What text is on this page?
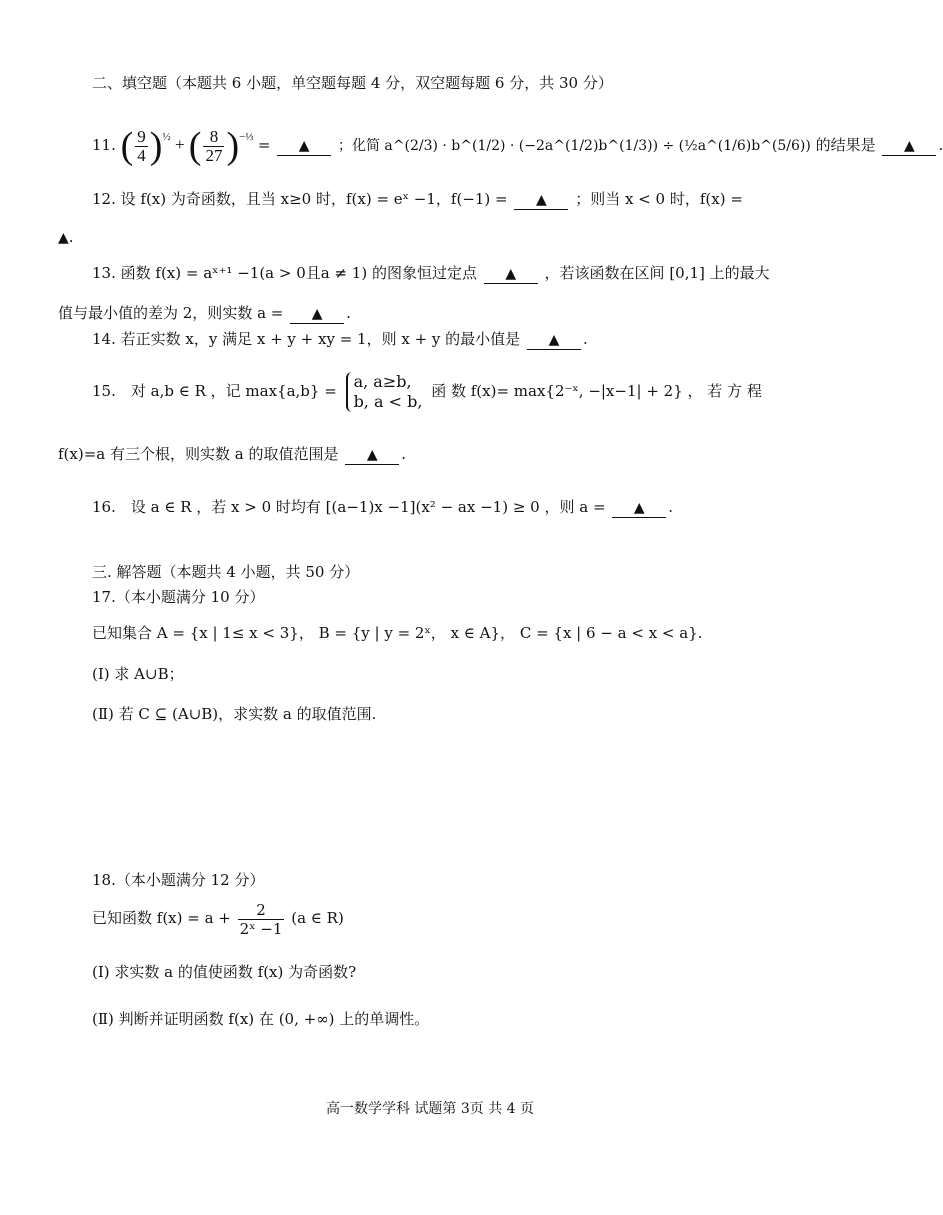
二、填空题（本题共 6 小题，单空题每题 4 分，双空题每题 6 分，共 30 分）
11. ( $\frac{9}{4} )^{\frac{1}{2}}$ + ( $\frac{8}{27} )^{-\frac{1}{3}}$ = ▲ ；化简 a^(2/3) · b^(1/2) · (−2a^(1/2)b^(1/3)) ÷ (½a^(1/6)b^(5/6)) 的结果是 ▲ .
12. 设 f(x) 为奇函数，且当 x≥0 时，f(x) = eˣ −1，f(−1) = ▲ ；则当 x < 0 时，f(x) =
▲.
13. 函数 f(x) = aˣ⁺¹ −1(a > 0且a ≠ 1) 的图象恒过定点 ▲ ，若该函数在区间 [0,1] 上的最大
值与最小值的差为 2，则实数 a = ▲ .
14. 若正实数 x，y 满足 x + y + xy = 1，则 x + y 的最小值是 ▲ .
15.　对 a,b ∈ R ，记 max{a,b} = a, a≥b,
b, a < b,
函 数 f(x)= max{2⁻ˣ, −|x−1| + 2} ， 若 方 程
f(x)=a 有三个根，则实数 a 的取值范围是 ▲ .
16.　设 a ∈ R ，若 x > 0 时均有 [(a−1)x −1](x² − ax −1) ≥ 0 ，则 a = ▲ .
三. 解答题（本题共 4 小题，共 50 分）
17.（本小题满分 10 分）
已知集合 A = {x | 1≤ x < 3}， B = {y | y = 2ˣ， x ∈ A}， C = {x | 6 − a < x < a}.
(Ⅰ) 求 A∪B；
(Ⅱ) 若 C ⊆ (A∪B)，求实数 a 的取值范围.
18.（本小题满分 12 分）
已知函数 $f(x) = a + \frac{2}{\text{2ˣ −1}} (a$ ∈ R)
(Ⅰ) 求实数 a 的值使函数 f(x) 为奇函数?
(Ⅱ) 判断并证明函数 f(x) 在 (0, +∞) 上的单调性。
高一数学学科 试题第 3页 共 4 页
